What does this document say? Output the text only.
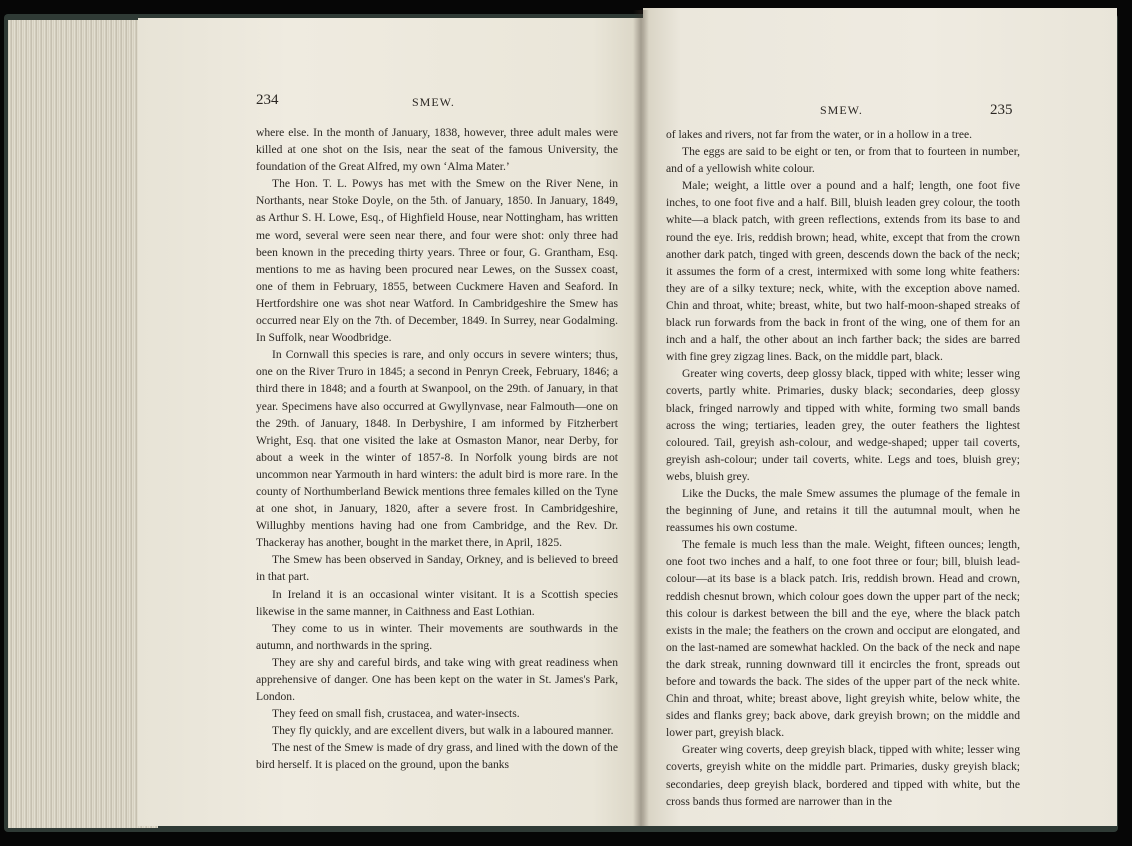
234	SMEW.
SMEW.	235

where else. In the month of January, 1838, however, three adult males were killed at one shot on the Isis, near the seat of the famous University, the foundation of the Great Alfred, my own ‘Alma Mater.’

The Hon. T. L. Powys has met with the Smew on the River Nene, in Northants, near Stoke Doyle, on the 5th. of January, 1850. In January, 1849, as Arthur S. H. Lowe, Esq., of Highfield House, near Nottingham, has written me word, several were seen near there, and four were shot: only three had been known in the preceding thirty years. Three or four, G. Grantham, Esq. mentions to me as having been procured near Lewes, on the Sussex coast, one of them in February, 1855, between Cuckmere Haven and Seaford. In Hertfordshire one was shot near Watford. In Cambridgeshire the Smew has occurred near Ely on the 7th. of December, 1849. In Surrey, near Godalming. In Suffolk, near Woodbridge.

In Cornwall this species is rare, and only occurs in severe winters; thus, one on the River Truro in 1845; a second in Penryn Creek, February, 1846; a third there in 1848; and a fourth at Swanpool, on the 29th. of January, in that year. Specimens have also occurred at Gwyllynvase, near Falmouth—one on the 29th. of January, 1848. In Derbyshire, I am informed by Fitzherbert Wright, Esq. that one visited the lake at Osmaston Manor, near Derby, for about a week in the winter of 1857-8. In Norfolk young birds are not uncommon near Yarmouth in hard winters: the adult bird is more rare. In the county of Northumberland Bewick mentions three females killed on the Tyne at one shot, in January, 1820, after a severe frost. In Cambridgeshire, Willughby mentions having had one from Cambridge, and the Rev. Dr. Thackeray has another, bought in the market there, in April, 1825.

The Smew has been observed in Sanday, Orkney, and is believed to breed in that part.

In Ireland it is an occasional winter visitant. It is a Scottish species likewise in the same manner, in Caithness and East Lothian.

They come to us in winter. Their movements are southwards in the autumn, and northwards in the spring.

They are shy and careful birds, and take wing with great readiness when apprehensive of danger. One has been kept on the water in St. James's Park, London.

They feed on small fish, crustacea, and water-insects.

They fly quickly, and are excellent divers, but walk in a laboured manner.

The nest of the Smew is made of dry grass, and lined with the down of the bird herself. It is placed on the ground, upon the banks

of lakes and rivers, not far from the water, or in a hollow in a tree.

The eggs are said to be eight or ten, or from that to fourteen in number, and of a yellowish white colour.

Male; weight, a little over a pound and a half; length, one foot five inches, to one foot five and a half. Bill, bluish leaden grey colour, the tooth white—a black patch, with green reflections, extends from its base to and round the eye. Iris, reddish brown; head, white, except that from the crown another dark patch, tinged with green, descends down the back of the neck; it assumes the form of a crest, intermixed with some long white feathers: they are of a silky texture; neck, white, with the exception above named. Chin and throat, white; breast, white, but two half-moon-shaped streaks of black run forwards from the back in front of the wing, one of them for an inch and a half, the other about an inch farther back; the sides are barred with fine grey zigzag lines. Back, on the middle part, black.

Greater wing coverts, deep glossy black, tipped with white; lesser wing coverts, partly white. Primaries, dusky black; secondaries, deep glossy black, fringed narrowly and tipped with white, forming two small bands across the wing; tertiaries, leaden grey, the outer feathers the lightest coloured. Tail, greyish ash-colour, and wedge-shaped; upper tail coverts, greyish ash-colour; under tail coverts, white. Legs and toes, bluish grey; webs, bluish grey.

Like the Ducks, the male Smew assumes the plumage of the female in the beginning of June, and retains it till the autumnal moult, when he reassumes his own costume.

The female is much less than the male. Weight, fifteen ounces; length, one foot two inches and a half, to one foot three or four; bill, bluish lead-colour—at its base is a black patch. Iris, reddish brown. Head and crown, reddish chesnut brown, which colour goes down the upper part of the neck; this colour is darkest between the bill and the eye, where the black patch exists in the male; the feathers on the crown and occiput are elongated, and on the last-named are somewhat hackled. On the back of the neck and nape the dark streak, running downward till it encircles the front, spreads out before and towards the back. The sides of the upper part of the neck white. Chin and throat, white; breast above, light greyish white, below white, the sides and flanks grey; back above, dark greyish brown; on the middle and lower part, greyish black.

Greater wing coverts, deep greyish black, tipped with white; lesser wing coverts, greyish white on the middle part. Primaries, dusky greyish black; secondaries, deep greyish black, bordered and tipped with white, but the cross bands thus formed are narrower than in the
